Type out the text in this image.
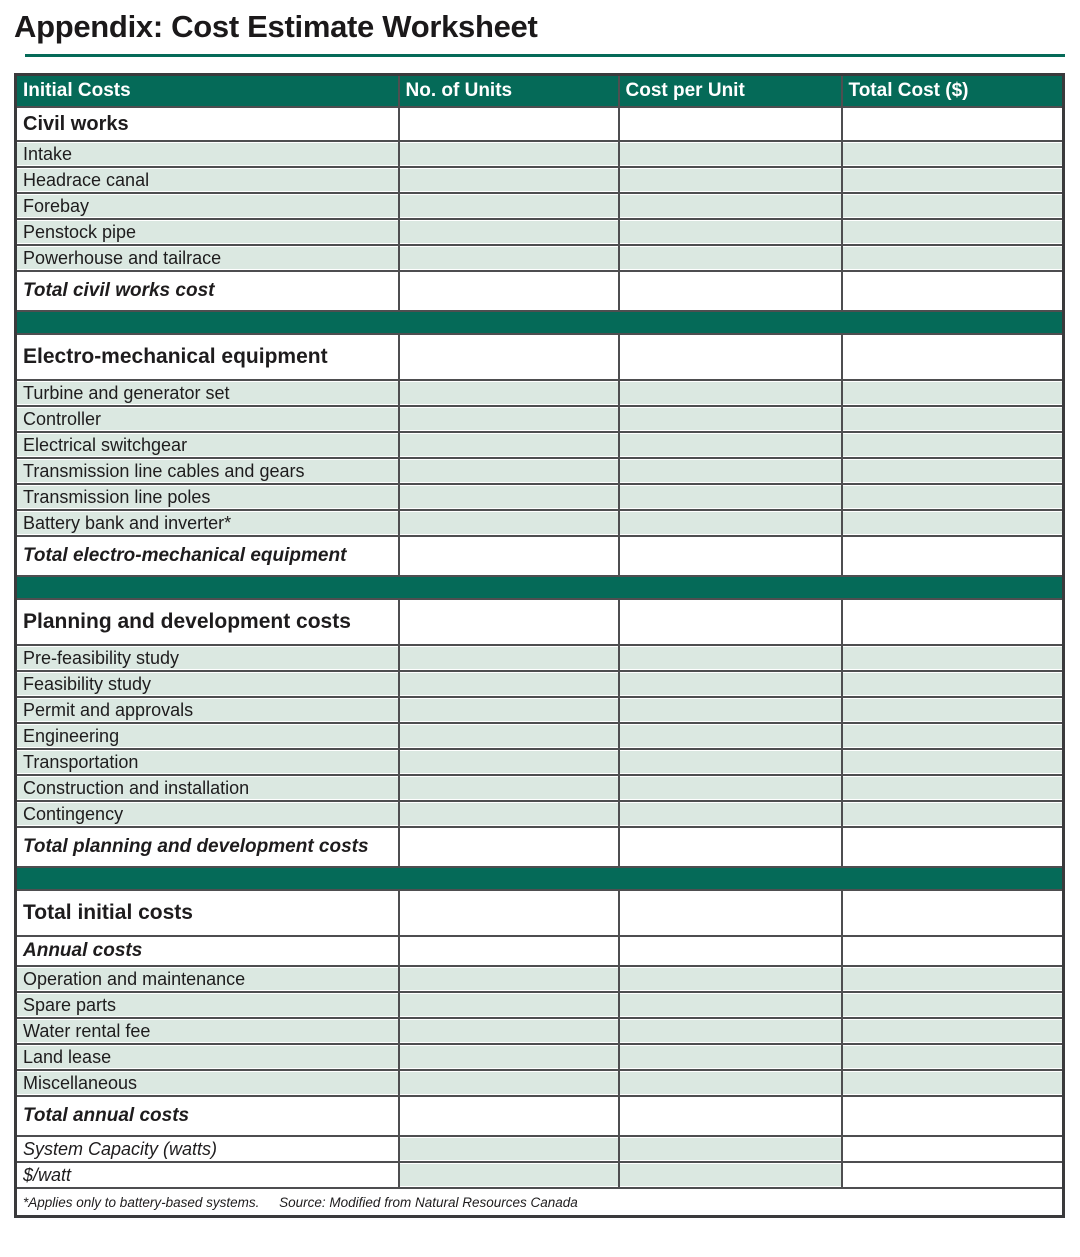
Appendix: Cost Estimate Worksheet
Initial Costs	No. of Units	Cost per Unit	Total Cost ($)
Civil works			
Intake			
Headrace canal			
Forebay			
Penstock pipe			
Powerhouse and tailrace			
Total civil works cost			

Electro-mechanical equipment			
Turbine and generator set			
Controller			
Electrical switchgear			
Transmission line cables and gears			
Transmission line poles			
Battery bank and inverter*			
Total electro-mechanical equipment			

Planning and development costs			
Pre-feasibility study			
Feasibility study			
Permit and approvals			
Engineering			
Transportation			
Construction and installation			
Contingency			
Total planning and development costs			

Total initial costs			
Annual costs			
Operation and maintenance			
Spare parts			
Water rental fee			
Land lease			
Miscellaneous			
Total annual costs			
System Capacity (watts)			
$/watt			
*Applies only to battery-based systems. Source: Modified from Natural Resources Canada			
